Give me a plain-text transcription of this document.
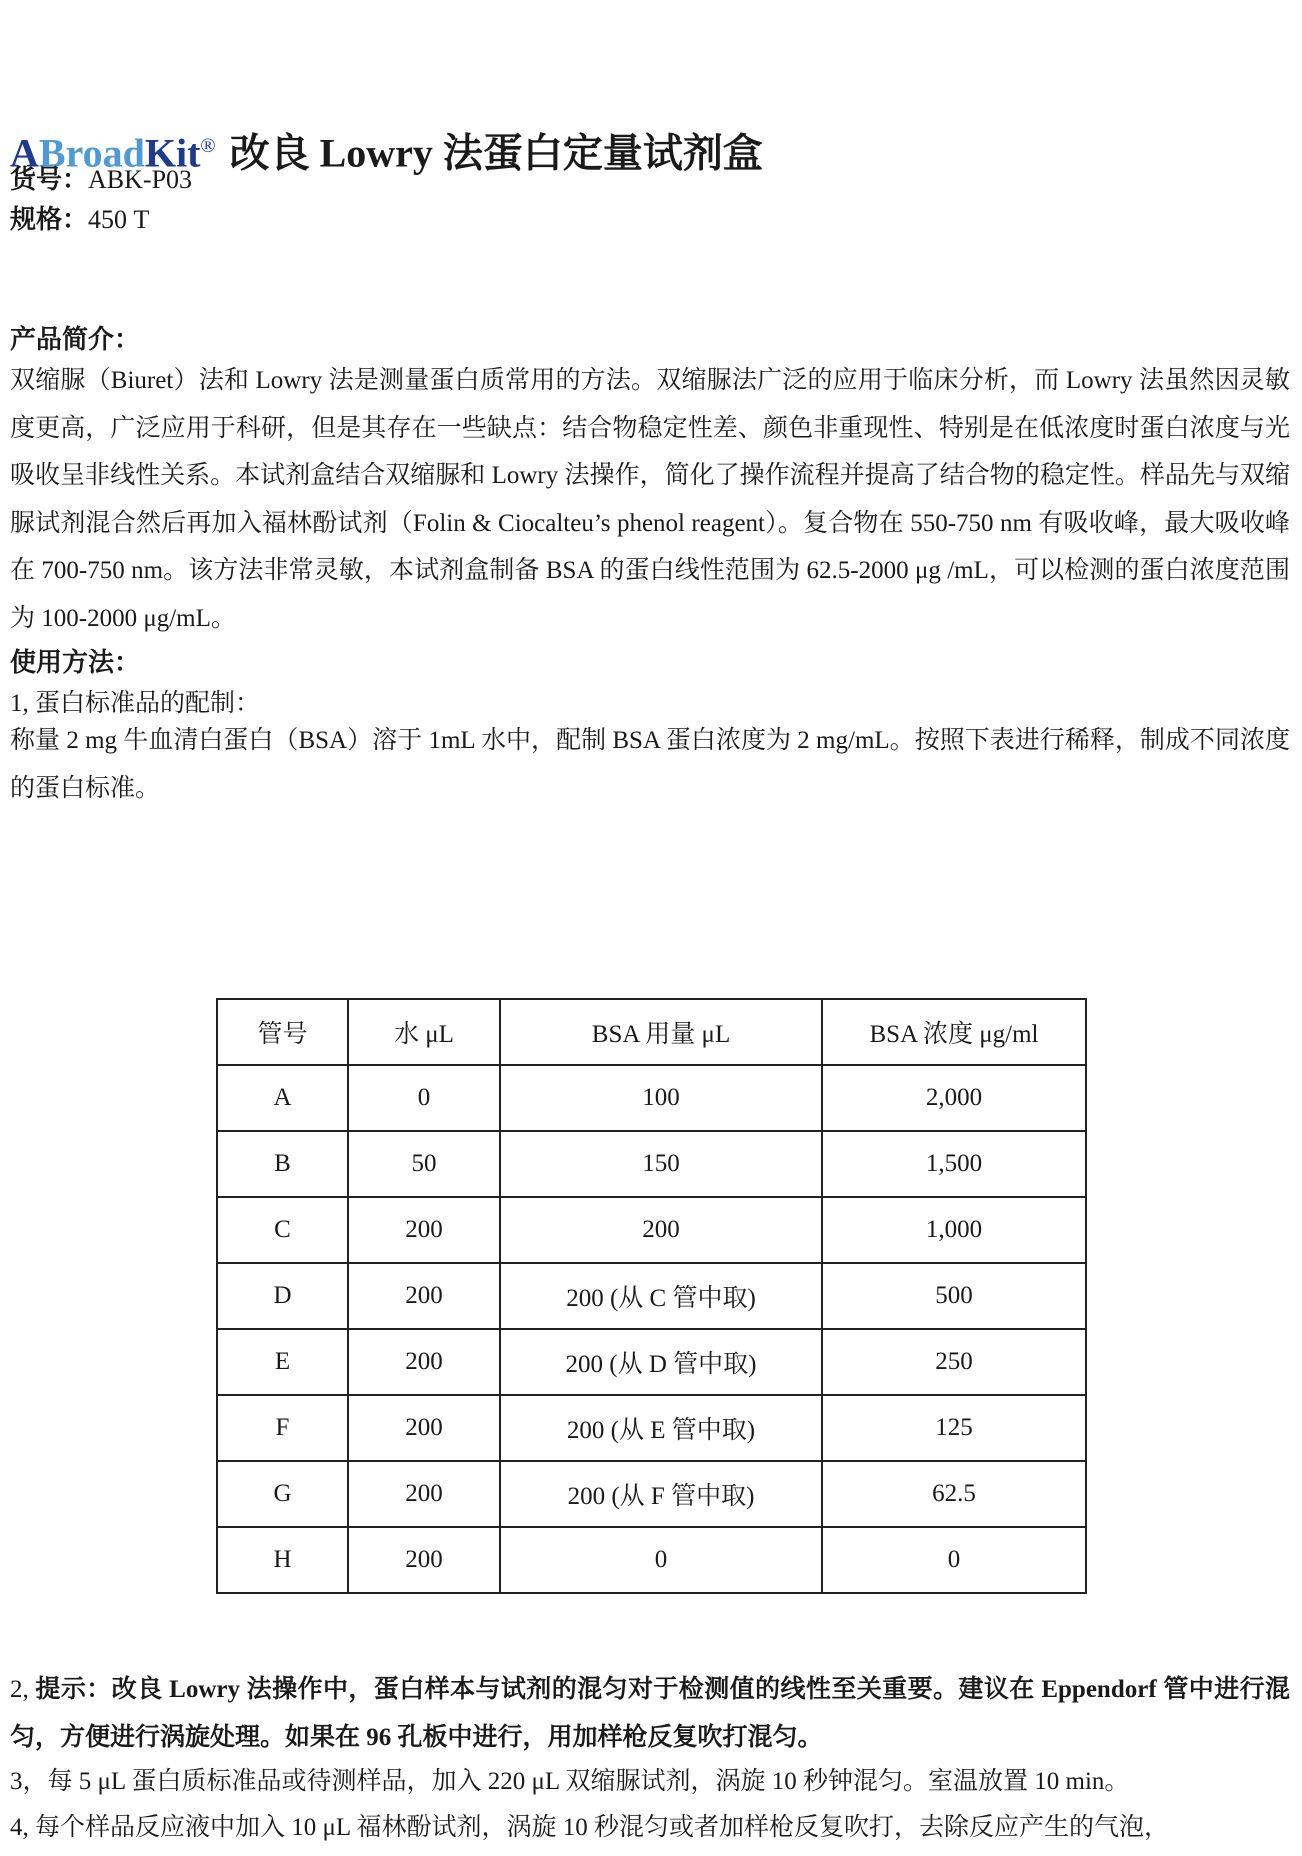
ABroadKit® 改良 Lowry 法蛋白定量试剂盒
货号：ABK-P03
规格：450 T
产品简介：
双缩脲（Biuret）法和 Lowry 法是测量蛋白质常用的方法。双缩脲法广泛的应用于临床分析，而 Lowry 法虽然因灵敏度更高，广泛应用于科研，但是其存在一些缺点：结合物稳定性差、颜色非重现性、特别是在低浓度时蛋白浓度与光吸收呈非线性关系。本试剂盒结合双缩脲和 Lowry 法操作，简化了操作流程并提高了结合物的稳定性。样品先与双缩脲试剂混合然后再加入福林酚试剂（Folin & Ciocalteu’s phenol reagent）。复合物在 550-750 nm 有吸收峰，最大吸收峰在 700-750 nm。该方法非常灵敏，本试剂盒制备 BSA 的蛋白线性范围为 62.5-2000 μg /mL，可以检测的蛋白浓度范围为 100-2000 μg/mL。
使用方法：
1, 蛋白标准品的配制：
称量 2 mg 牛血清白蛋白（BSA）溶于 1mL 水中，配制 BSA 蛋白浓度为 2 mg/mL。按照下表进行稀释，制成不同浓度的蛋白标准。
管号	水 μL	BSA 用量 μL	BSA 浓度 μg/ml
A	0	100	2,000
B	50	150	1,500
C	200	200	1,000
D	200	200 (从 C 管中取)	500
E	200	200 (从 D 管中取)	250
F	200	200 (从 E 管中取)	125
G	200	200 (从 F 管中取)	62.5
H	200	0	0
2, 提示：改良 Lowry 法操作中，蛋白样本与试剂的混匀对于检测值的线性至关重要。建议在 Eppendorf 管中进行混匀，方便进行涡旋处理。如果在 96 孔板中进行，用加样枪反复吹打混匀。
3，每 5 μL 蛋白质标准品或待测样品，加入 220 μL 双缩脲试剂，涡旋 10 秒钟混匀。室温放置 10 min。
4, 每个样品反应液中加入 10 μL 福林酚试剂，涡旋 10 秒混匀或者加样枪反复吹打，去除反应产生的气泡，
